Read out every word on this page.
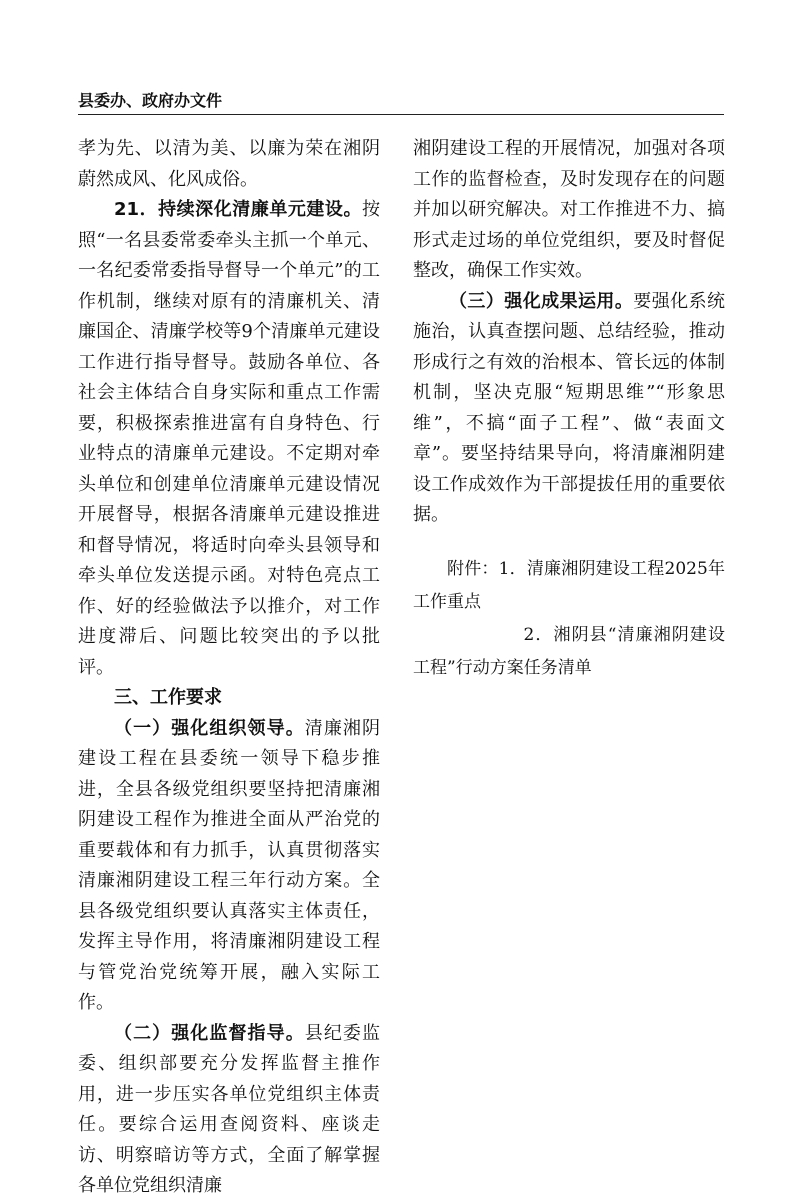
县委办、政府办文件

孝为先、以清为美、以廉为荣在湘阴蔚然成风、化风成俗。

21．持续深化清廉单元建设。按照“一名县委常委牵头主抓一个单元、一名纪委常委指导督导一个单元”的工作机制，继续对原有的清廉机关、清廉国企、清廉学校等9个清廉单元建设工作进行指导督导。鼓励各单位、各社会主体结合自身实际和重点工作需要，积极探索推进富有自身特色、行业特点的清廉单元建设。不定期对牵头单位和创建单位清廉单元建设情况开展督导，根据各清廉单元建设推进和督导情况，将适时向牵头县领导和牵头单位发送提示函。对特色亮点工作、好的经验做法予以推介，对工作进度滞后、问题比较突出的予以批评。

三、工作要求

（一）强化组织领导。清廉湘阴建设工程在县委统一领导下稳步推进，全县各级党组织要坚持把清廉湘阴建设工程作为推进全面从严治党的重要载体和有力抓手，认真贯彻落实清廉湘阴建设工程三年行动方案。全县各级党组织要认真落实主体责任，发挥主导作用，将清廉湘阴建设工程与管党治党统筹开展，融入实际工作。

（二）强化监督指导。县纪委监委、组织部要充分发挥监督主推作用，进一步压实各单位党组织主体责任。要综合运用查阅资料、座谈走访、明察暗访等方式，全面了解掌握各单位党组织清廉

湘阴建设工程的开展情况，加强对各项工作的监督检查，及时发现存在的问题并加以研究解决。对工作推进不力、搞形式走过场的单位党组织，要及时督促整改，确保工作实效。

（三）强化成果运用。要强化系统施治，认真查摆问题、总结经验，推动形成行之有效的治根本、管长远的体制机制，坚决克服“短期思维”“形象思维”，不搞“面子工程”、做“表面文章”。要坚持结果导向，将清廉湘阴建设工作成效作为干部提拔任用的重要依据。

附件：1．清廉湘阴建设工程2025年工作重点

2．湘阴县“清廉湘阴建设工程”行动方案任务清单
